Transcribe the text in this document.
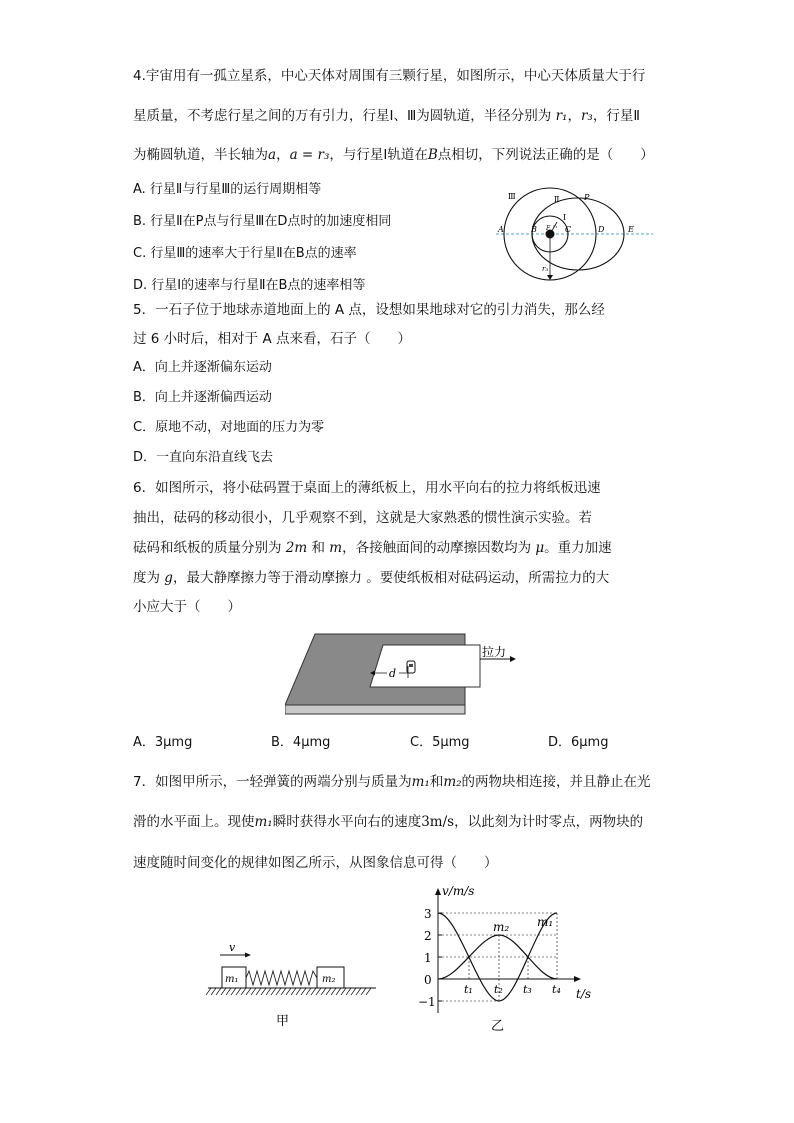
4.宇宙用有一孤立星系，中心天体对周围有三颗行星，如图所示，中心天体质量大于行
星质量，不考虑行星之间的万有引力，行星Ⅰ、Ⅲ为圆轨道，半径分别为 r₁，r₃，行星Ⅱ
为椭圆轨道，半长轴为a，a = r₃，与行星Ⅰ轨道在B点相切，下列说法正确的是（　　）
A. 行星Ⅱ与行星Ⅲ的运行周期相等
B. 行星Ⅱ在P点与行星Ⅲ在D点时的加速度相同
C. 行星Ⅲ的速率大于行星Ⅱ在B点的速率
D. 行星Ⅰ的速率与行星Ⅱ在B点的速率相等
Ⅲ	Ⅱ
Ⅰ
P
A	B F C	D	E
r₁
r₃
5．一石子位于地球赤道地面上的 A 点，设想如果地球对它的引力消失，那么经
过 6 小时后，相对于 A 点来看，石子（　　）
A．向上并逐渐偏东运动
B．向上并逐渐偏西运动
C．原地不动，对地面的压力为零
D．一直向东沿直线飞去
6．如图所示，将小砝码置于桌面上的薄纸板上，用水平向右的拉力将纸板迅速
抽出，砝码的移动很小，几乎观察不到，这就是大家熟悉的惯性演示实验。若
砝码和纸板的质量分别为 2m 和 m，各接触面间的动摩擦因数均为 μ。重力加速
度为 g，最大静摩擦力等于滑动摩擦力 。要使纸板相对砝码运动，所需拉力的大
小应大于（　　）
拉力
d
A．3μmg	B．4μmg	C．5μmg	D．6μmg
7．如图甲所示，一轻弹簧的两端分别与质量为m₁和m₂的两物块相连接，并且静止在光
滑的水平面上。现使m₁瞬时获得水平向右的速度3m/s，以此刻为计时零点，两物块的
速度随时间变化的规律如图乙所示，从图象信息可得（　　）
v
m₁	m₂
甲
v/m/s
t/s
3
2
1
0
−1
t₁ t₂ t₃ t₄
m₂ m₁
乙
